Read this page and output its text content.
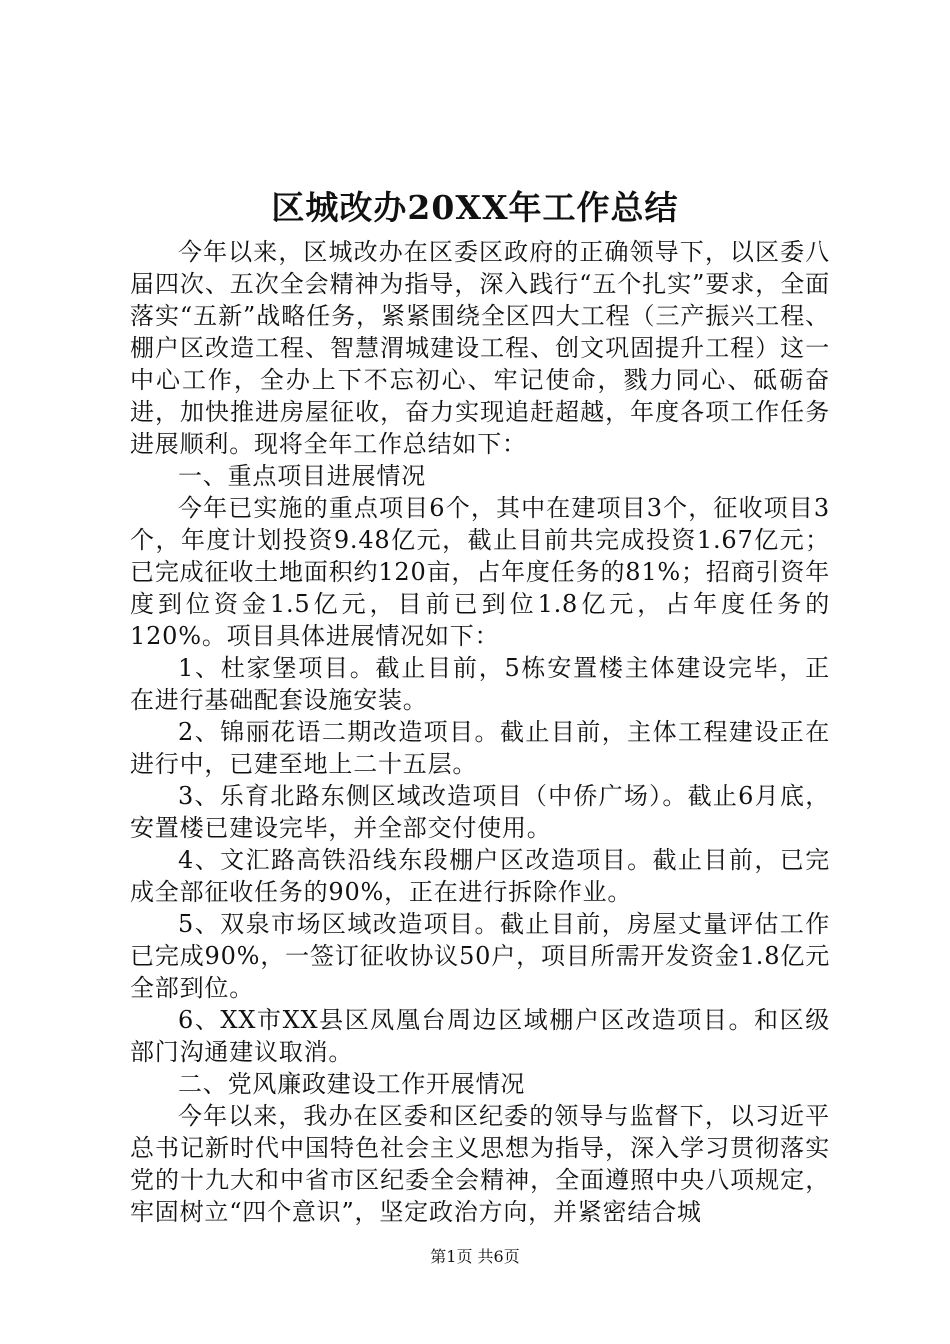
区城改办20XX年工作总结

今年以来，区城改办在区委区政府的正确领导下，以区委八届四次、五次全会精神为指导，深入践行“五个扎实”要求，全面落实“五新”战略任务，紧紧围绕全区四大工程（三产振兴工程、棚户区改造工程、智慧渭城建设工程、创文巩固提升工程）这一中心工作，全办上下不忘初心、牢记使命，戮力同心、砥砺奋进，加快推进房屋征收，奋力实现追赶超越，年度各项工作任务进展顺利。现将全年工作总结如下：

一、重点项目进展情况

今年已实施的重点项目6个，其中在建项目3个，征收项目3个，年度计划投资9.48亿元，截止目前共完成投资1.67亿元；已完成征收土地面积约120亩，占年度任务的81%；招商引资年度到位资金1.5亿元，目前已到位1.8亿元，占年度任务的120%。项目具体进展情况如下：

1、杜家堡项目。截止目前，5栋安置楼主体建设完毕，正在进行基础配套设施安装。

2、锦丽花语二期改造项目。截止目前，主体工程建设正在进行中，已建至地上二十五层。

3、乐育北路东侧区域改造项目（中侨广场）。截止6月底，安置楼已建设完毕，并全部交付使用。

4、文汇路高铁沿线东段棚户区改造项目。截止目前，已完成全部征收任务的90%，正在进行拆除作业。

5、双泉市场区域改造项目。截止目前，房屋丈量评估工作已完成90%，一签订征收协议50户，项目所需开发资金1.8亿元全部到位。

6、XX市XX县区凤凰台周边区域棚户区改造项目。和区级部门沟通建议取消。

二、党风廉政建设工作开展情况

今年以来，我办在区委和区纪委的领导与监督下，以习近平总书记新时代中国特色社会主义思想为指导，深入学习贯彻落实党的十九大和中省市区纪委全会精神，全面遵照中央八项规定，牢固树立“四个意识”，坚定政治方向，并紧密结合城

第1页 共6页
